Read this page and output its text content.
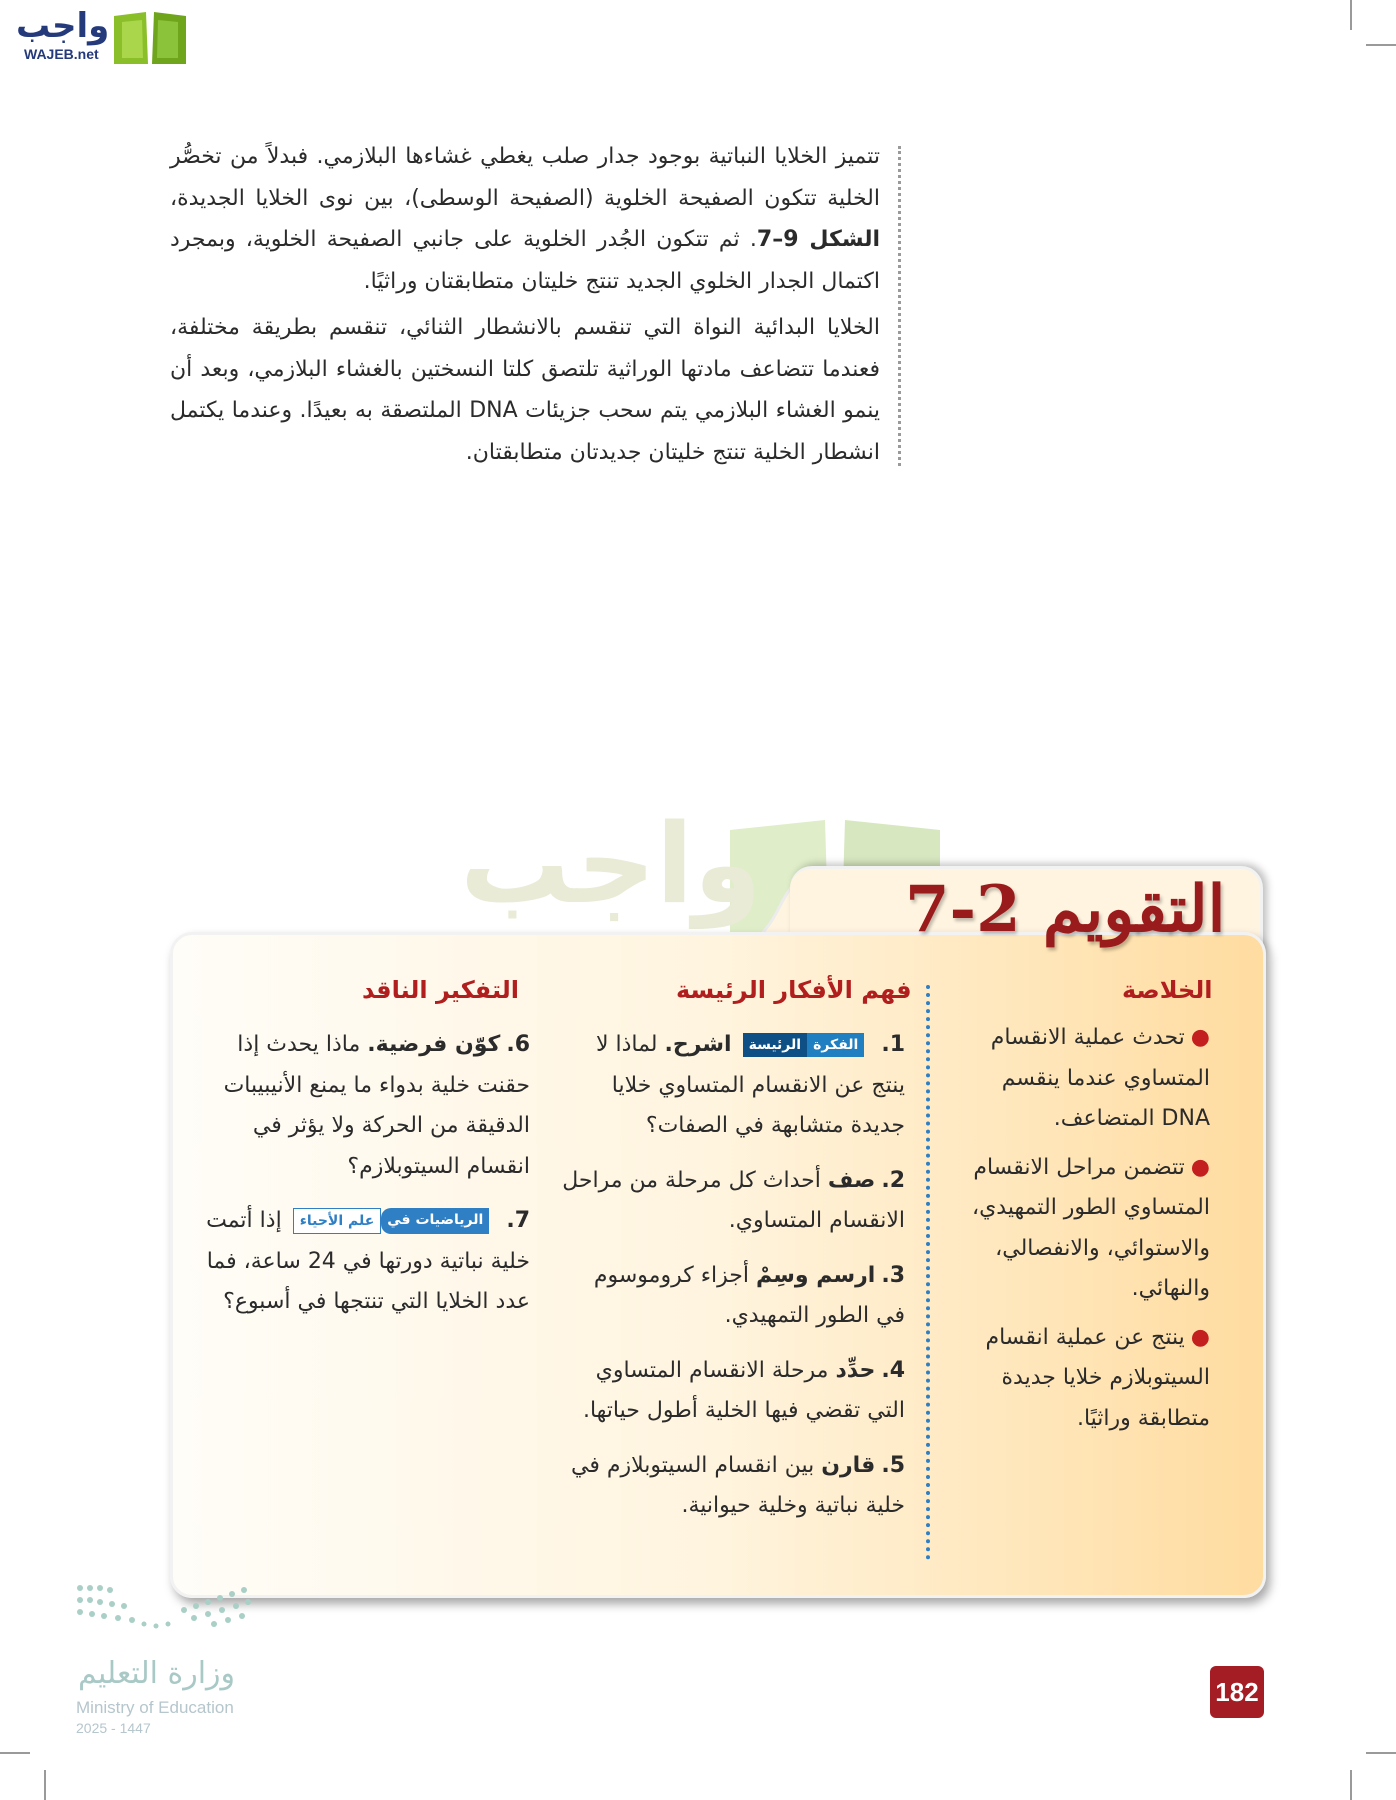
واجب
WAJEB.net

تتميز الخلايا النباتية بوجود جدار صلب يغطي غشاءها البلازمي. فبدلاً من تخصُّر الخلية تتكون الصفيحة الخلوية (الصفيحة الوسطى)، بين نوى الخلايا الجديدة، الشكل 9–7. ثم تتكون الجُدر الخلوية على جانبي الصفيحة الخلوية، وبمجرد اكتمال الجدار الخلوي الجديد تنتج خليتان متطابقتان وراثيًا.

الخلايا البدائية النواة التي تنقسم بالانشطار الثنائي، تنقسم بطريقة مختلفة، فعندما تتضاعف مادتها الوراثية تلتصق كلتا النسختين بالغشاء البلازمي، وبعد أن ينمو الغشاء البلازمي يتم سحب جزيئات DNA الملتصقة به بعيدًا. وعندما يكتمل انشطار الخلية تنتج خليتان جديدتان متطابقتان.

واجب التقويم 2-7
الخلاصة
●تحدث عملية الانقسام المتساوي عندما ينقسم DNA المتضاعف.
●تتضمن مراحل الانقسام المتساوي الطور التمهيدي، والاستوائي، والانفصالي، والنهائي.
●ينتج عن عملية انقسام السيتوبلازم خلايا جديدة متطابقة وراثيًا.
فهم الأفكار الرئيسة
1.
الفكرة
الرئيسة
اشرح. لماذا لا ينتج عن الانقسام المتساوي خلايا جديدة متشابهة في الصفات؟
2.صف أحداث كل مرحلة من مراحل الانقسام المتساوي.
3.ارسم وسِمْ أجزاء كروموسوم في الطور التمهيدي.
4.حدِّد مرحلة الانقسام المتساوي التي تقضي فيها الخلية أطول حياتها.
5.قارن بين انقسام السيتوبلازم في خلية نباتية وخلية حيوانية.
التفكير الناقد
6.كوّن فرضية. ماذا يحدث إذا حقنت خلية بدواء ما يمنع الأنيبيبات الدقيقة من الحركة ولا يؤثر في انقسام السيتوبلازم؟
7.
الرياضيات في
علم الأحياء
إذا أتمت خلية نباتية دورتها في 24 ساعة، فما عدد الخلايا التي تنتجها في أسبوع؟
182
وزارة التعليم
Ministry of Education
2025 - 1447
